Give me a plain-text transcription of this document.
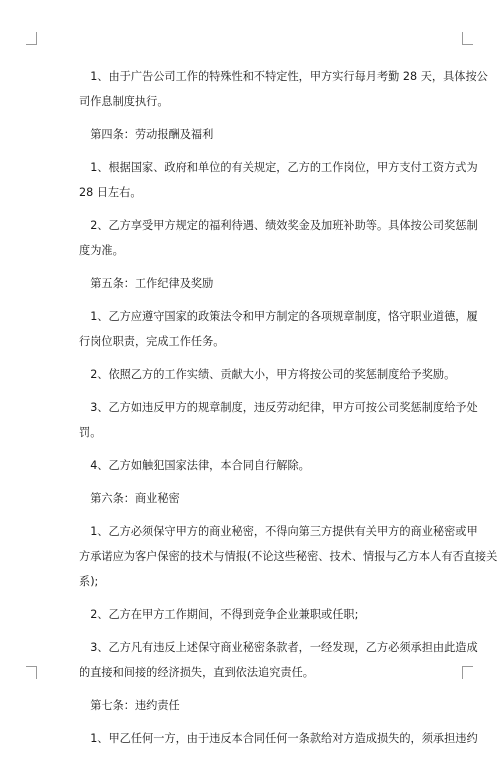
　1、由于广告公司工作的特殊性和不特定性，甲方实行每月考勤 28 天，具体按公
司作息制度执行。
　第四条：劳动报酬及福利
　1、根据国家、政府和单位的有关规定，乙方的工作岗位，甲方支付工资方式为
28 日左右。
　2、乙方享受甲方规定的福利待遇、绩效奖金及加班补助等。具体按公司奖惩制
度为准。
　第五条：工作纪律及奖励
　1、乙方应遵守国家的政策法令和甲方制定的各项规章制度，恪守职业道德，履
行岗位职责，完成工作任务。
　2、依照乙方的工作实绩、贡献大小，甲方将按公司的奖惩制度给予奖励。
　3、乙方如违反甲方的规章制度，违反劳动纪律，甲方可按公司奖惩制度给予处
罚。
　4、乙方如触犯国家法律，本合同自行解除。
　第六条：商业秘密
　1、乙方必须保守甲方的商业秘密，不得向第三方提供有关甲方的商业秘密或甲
方承诺应为客户保密的技术与情报(不论这些秘密、技术、情报与乙方本人有否直接关
系);
　2、乙方在甲方工作期间，不得到竞争企业兼职或任职;
　3、乙方凡有违反上述保守商业秘密条款者，一经发现，乙方必须承担由此造成
的直接和间接的经济损失，直到依法追究责任。
　第七条：违约责任
　1、甲乙任何一方，由于违反本合同任何一条款给对方造成损失的，须承担违约
